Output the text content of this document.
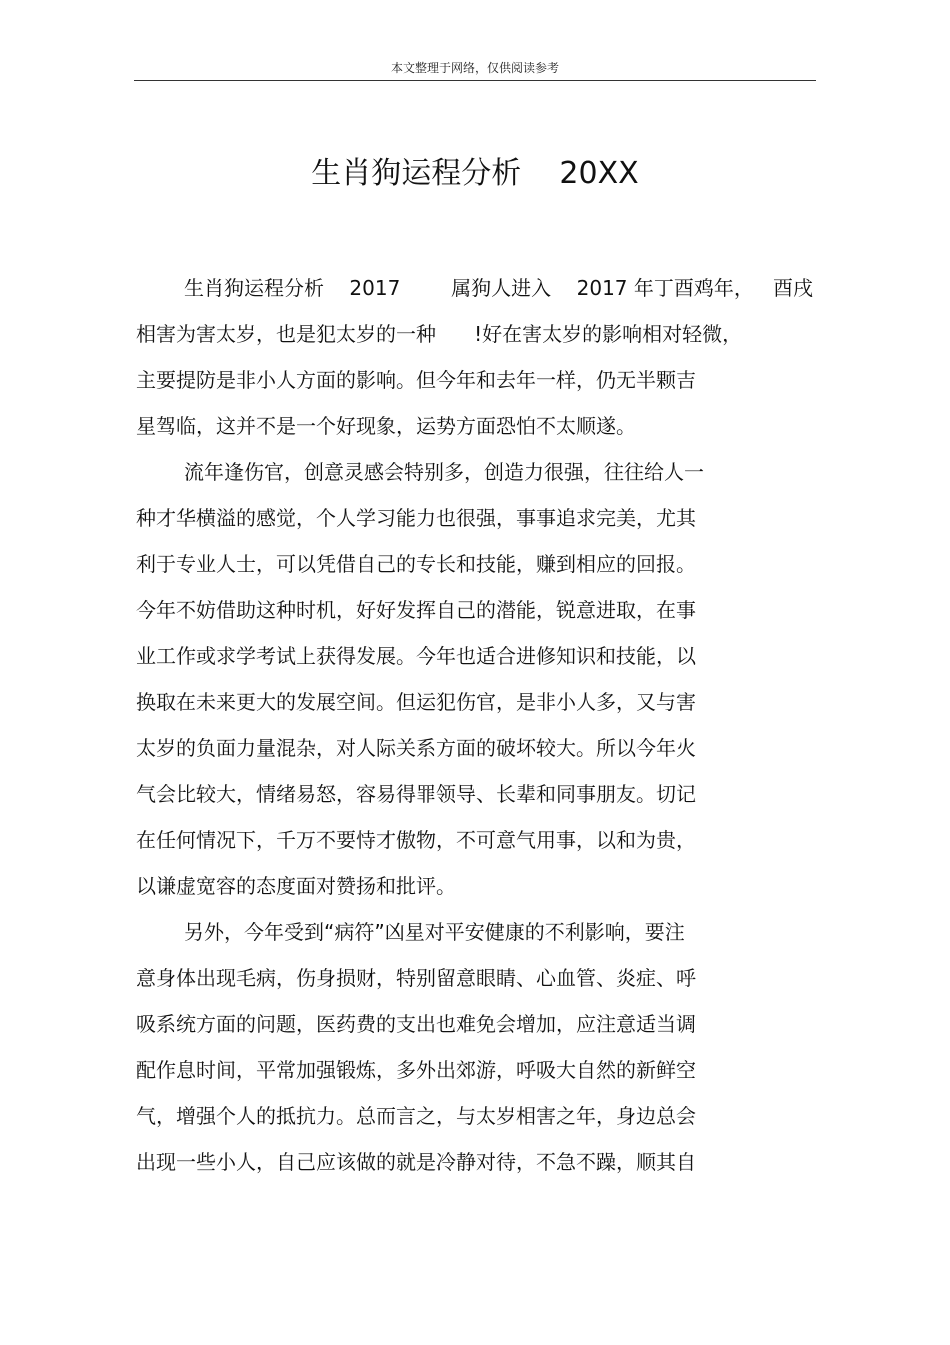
本文整理于网络，仅供阅读参考
生肖狗运程分析    20XX
生肖狗运程分析    2017        属狗人进入    2017 年丁酉鸡年，   酉戌
相害为害太岁，也是犯太岁的一种      !好在害太岁的影响相对轻微，
主要提防是非小人方面的影响。但今年和去年一样，仍无半颗吉
星驾临，这并不是一个好现象，运势方面恐怕不太顺遂。
流年逢伤官，创意灵感会特别多，创造力很强，往往给人一
种才华横溢的感觉，个人学习能力也很强，事事追求完美，尤其
利于专业人士，可以凭借自己的专长和技能，赚到相应的回报。
今年不妨借助这种时机，好好发挥自己的潜能，锐意进取，在事
业工作或求学考试上获得发展。今年也适合进修知识和技能，以
换取在未来更大的发展空间。但运犯伤官，是非小人多，又与害
太岁的负面力量混杂，对人际关系方面的破坏较大。所以今年火
气会比较大，情绪易怒，容易得罪领导、长辈和同事朋友。切记
在任何情况下，千万不要恃才傲物，不可意气用事，以和为贵，
以谦虚宽容的态度面对赞扬和批评。
另外，今年受到“病符”凶星对平安健康的不利影响，要注
意身体出现毛病，伤身损财，特别留意眼睛、心血管、炎症、呼
吸系统方面的问题，医药费的支出也难免会增加，应注意适当调
配作息时间，平常加强锻炼，多外出郊游，呼吸大自然的新鲜空
气，增强个人的抵抗力。总而言之，与太岁相害之年，身边总会
出现一些小人，自己应该做的就是冷静对待，不急不躁，顺其自
